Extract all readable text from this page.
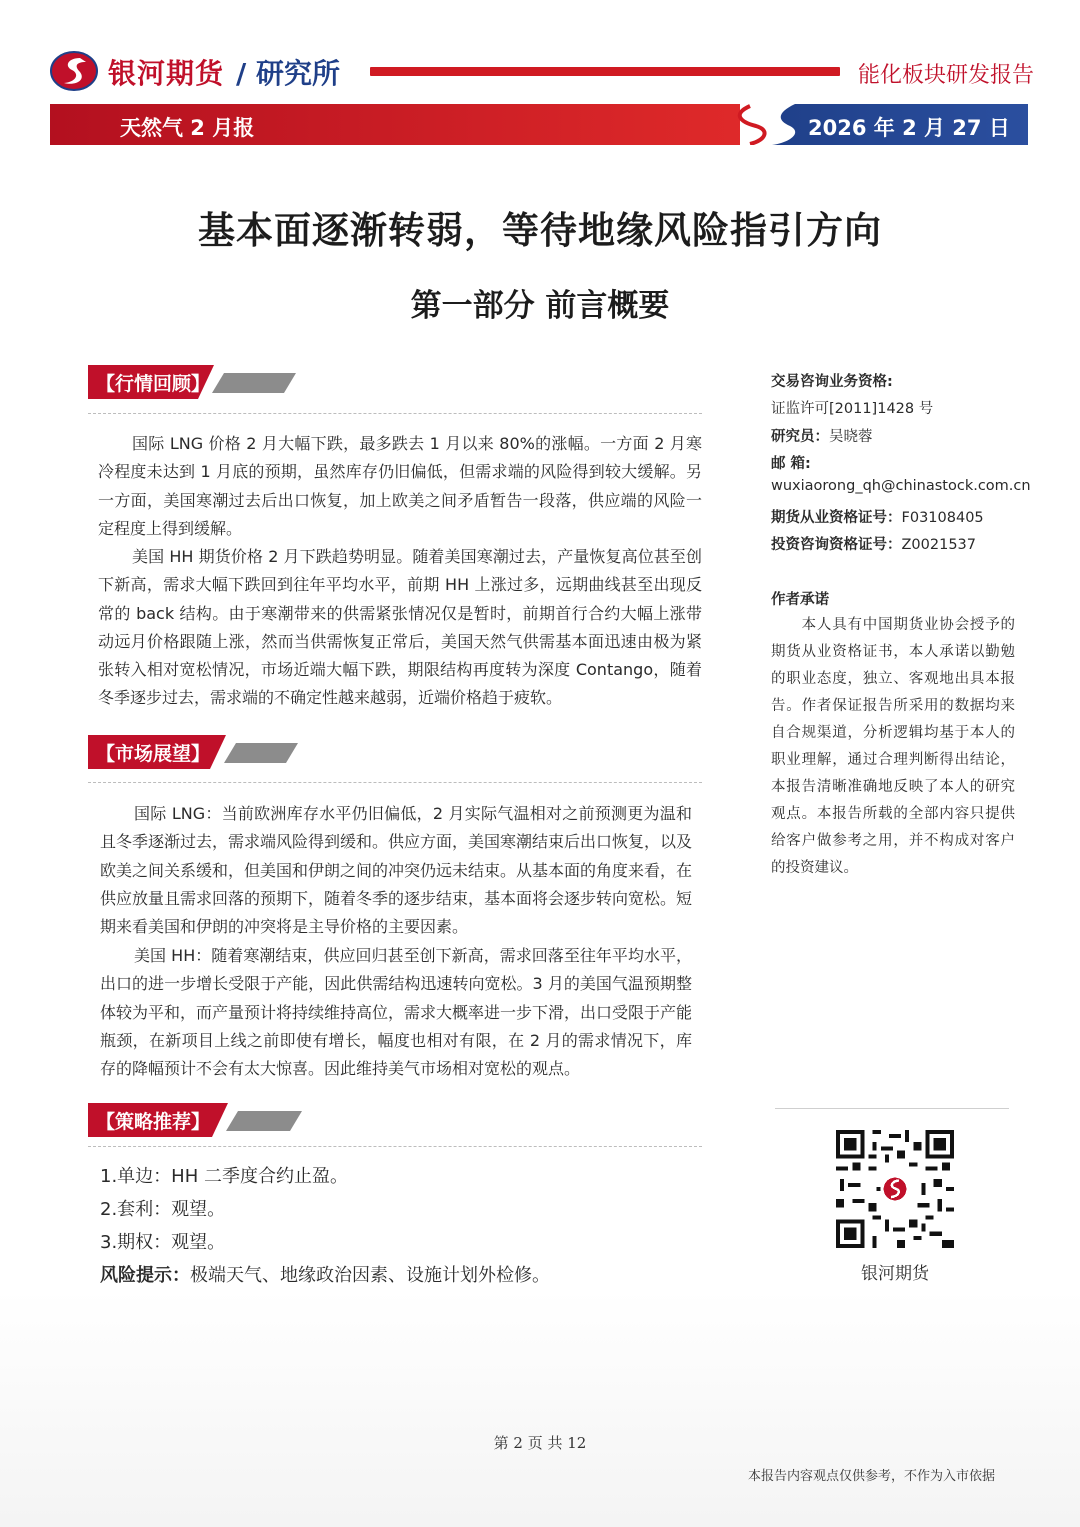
银河期货 / 研究所	能化板块研发报告
天然气 2 月报	2026 年 2 月 27 日
基本面逐渐转弱，等待地缘风险指引方向
第一部分 前言概要
【行情回顾】

国际 LNG 价格 2 月大幅下跌，最多跌去 1 月以来 80%的涨幅。一方面 2 月寒冷程度未达到 1 月底的预期，虽然库存仍旧偏低，但需求端的风险得到较大缓解。另一方面，美国寒潮过去后出口恢复，加上欧美之间矛盾暂告一段落，供应端的风险一定程度上得到缓解。

美国 HH 期货价格 2 月下跌趋势明显。随着美国寒潮过去，产量恢复高位甚至创下新高，需求大幅下跌回到往年平均水平，前期 HH 上涨过多，远期曲线甚至出现反常的 back 结构。由于寒潮带来的供需紧张情况仅是暂时，前期首行合约大幅上涨带动远月价格跟随上涨，然而当供需恢复正常后，美国天然气供需基本面迅速由极为紧张转入相对宽松情况，市场近端大幅下跌，期限结构再度转为深度 Contango，随着冬季逐步过去，需求端的不确定性越来越弱，近端价格趋于疲软。

【市场展望】

国际 LNG：当前欧洲库存水平仍旧偏低，2 月实际气温相对之前预测更为温和且冬季逐渐过去，需求端风险得到缓和。供应方面，美国寒潮结束后出口恢复，以及欧美之间关系缓和，但美国和伊朗之间的冲突仍远未结束。从基本面的角度来看，在供应放量且需求回落的预期下，随着冬季的逐步结束，基本面将会逐步转向宽松。短期来看美国和伊朗的冲突将是主导价格的主要因素。

美国 HH：随着寒潮结束，供应回归甚至创下新高，需求回落至往年平均水平，出口的进一步增长受限于产能，因此供需结构迅速转向宽松。3 月的美国气温预期整体较为平和，而产量预计将持续维持高位，需求大概率进一步下滑，出口受限于产能瓶颈，在新项目上线之前即使有增长，幅度也相对有限，在 2 月的需求情况下，库存的降幅预计不会有太大惊喜。因此维持美气市场相对宽松的观点。

【策略推荐】
1.单边：HH 二季度合约止盈。
2.套利：观望。
3.期权：观望。
风险提示：极端天气、地缘政治因素、设施计划外检修。
交易咨询业务资格:
证监许可[2011]1428 号
研究员：吴晓蓉
邮 箱:
wuxiaorong_qh@chinastock.com.cn
期货从业资格证号：F03108405
投资咨询资格证号：Z0021537
作者承诺

　　本人具有中国期货业协会授予的期货从业资格证书，本人承诺以勤勉的职业态度，独立、客观地出具本报告。作者保证报告所采用的数据均来自合规渠道，分析逻辑均基于本人的职业理解，通过合理判断得出结论，本报告清晰准确地反映了本人的研究观点。本报告所载的全部内容只提供给客户做参考之用，并不构成对客户的投资建议。

银河期货
第 2 页 共 12
本报告内容观点仅供参考，不作为入市依据
